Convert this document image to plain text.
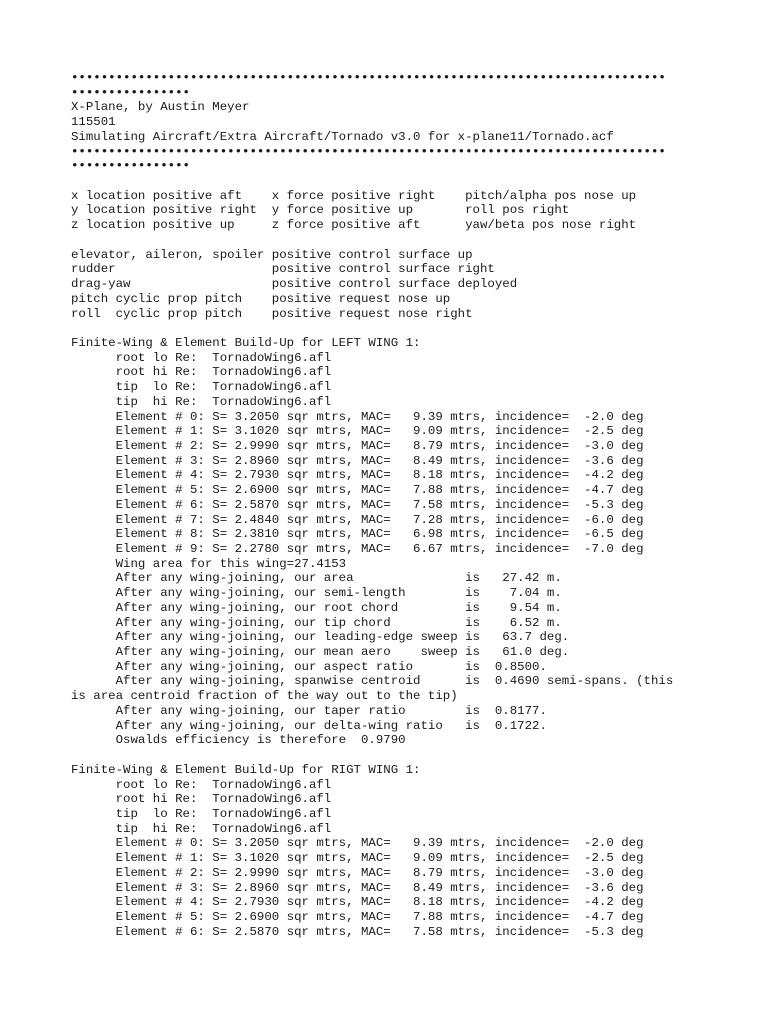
••••••••••••••••••••••••••••••••••••••••••••••••••••••••••••••••••••••••••••••••
••••••••••••••••
X-Plane, by Austin Meyer
115501
Simulating Aircraft/Extra Aircraft/Tornado v3.0 for x-plane11/Tornado.acf
••••••••••••••••••••••••••••••••••••••••••••••••••••••••••••••••••••••••••••••••
••••••••••••••••
x location positive aft    x force positive right    pitch/alpha pos nose up
y location positive right  y force positive up       roll pos right
z location positive up     z force positive aft      yaw/beta pos nose right
elevator, aileron, spoiler positive control surface up
rudder                     positive control surface right
drag-yaw                   positive control surface deployed
pitch cyclic prop pitch    positive request nose up
roll  cyclic prop pitch    positive request nose right
Finite-Wing & Element Build-Up for LEFT WING 1:
root lo Re:  TornadoWing6.afl
root hi Re:  TornadoWing6.afl
tip  lo Re:  TornadoWing6.afl
tip  hi Re:  TornadoWing6.afl
Element # 0: S= 3.2050 sqr mtrs, MAC=   9.39 mtrs, incidence=  -2.0 deg
Element # 1: S= 3.1020 sqr mtrs, MAC=   9.09 mtrs, incidence=  -2.5 deg
Element # 2: S= 2.9990 sqr mtrs, MAC=   8.79 mtrs, incidence=  -3.0 deg
Element # 3: S= 2.8960 sqr mtrs, MAC=   8.49 mtrs, incidence=  -3.6 deg
Element # 4: S= 2.7930 sqr mtrs, MAC=   8.18 mtrs, incidence=  -4.2 deg
Element # 5: S= 2.6900 sqr mtrs, MAC=   7.88 mtrs, incidence=  -4.7 deg
Element # 6: S= 2.5870 sqr mtrs, MAC=   7.58 mtrs, incidence=  -5.3 deg
Element # 7: S= 2.4840 sqr mtrs, MAC=   7.28 mtrs, incidence=  -6.0 deg
Element # 8: S= 2.3810 sqr mtrs, MAC=   6.98 mtrs, incidence=  -6.5 deg
Element # 9: S= 2.2780 sqr mtrs, MAC=   6.67 mtrs, incidence=  -7.0 deg
Wing area for this wing=27.4153
After any wing-joining, our area               is   27.42 m.
After any wing-joining, our semi-length        is    7.04 m.
After any wing-joining, our root chord         is    9.54 m.
After any wing-joining, our tip chord          is    6.52 m.
After any wing-joining, our leading-edge sweep is   63.7 deg.
After any wing-joining, our mean aero    sweep is   61.0 deg.
After any wing-joining, our aspect ratio       is  0.8500.
After any wing-joining, spanwise centroid      is  0.4690 semi-spans. (this
is area centroid fraction of the way out to the tip)
After any wing-joining, our taper ratio        is  0.8177.
After any wing-joining, our delta-wing ratio   is  0.1722.
Oswalds efficiency is therefore  0.9790
Finite-Wing & Element Build-Up for RIGT WING 1:
root lo Re:  TornadoWing6.afl
root hi Re:  TornadoWing6.afl
tip  lo Re:  TornadoWing6.afl
tip  hi Re:  TornadoWing6.afl
Element # 0: S= 3.2050 sqr mtrs, MAC=   9.39 mtrs, incidence=  -2.0 deg
Element # 1: S= 3.1020 sqr mtrs, MAC=   9.09 mtrs, incidence=  -2.5 deg
Element # 2: S= 2.9990 sqr mtrs, MAC=   8.79 mtrs, incidence=  -3.0 deg
Element # 3: S= 2.8960 sqr mtrs, MAC=   8.49 mtrs, incidence=  -3.6 deg
Element # 4: S= 2.7930 sqr mtrs, MAC=   8.18 mtrs, incidence=  -4.2 deg
Element # 5: S= 2.6900 sqr mtrs, MAC=   7.88 mtrs, incidence=  -4.7 deg
Element # 6: S= 2.5870 sqr mtrs, MAC=   7.58 mtrs, incidence=  -5.3 deg
